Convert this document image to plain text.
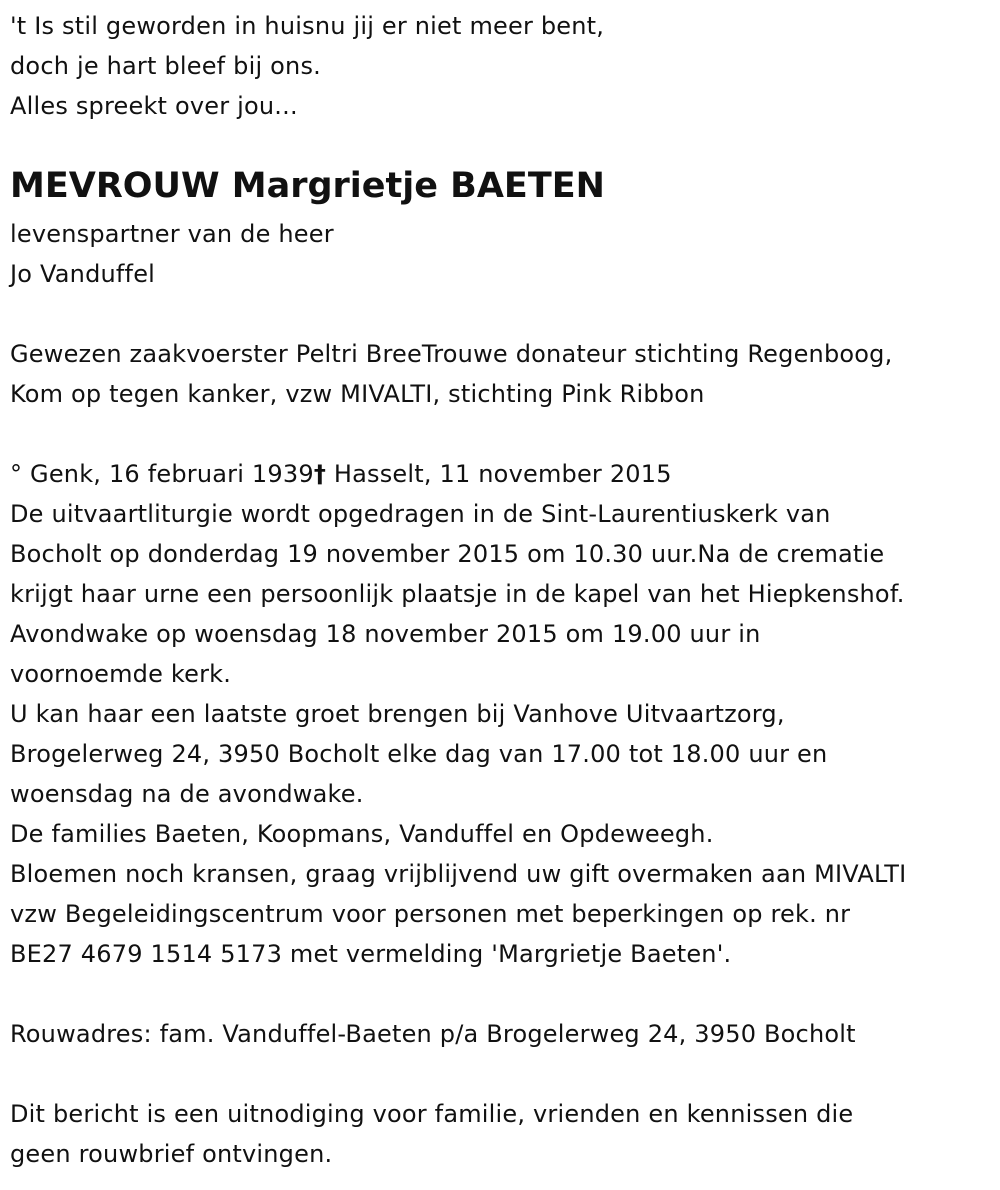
't Is stil geworden in huisnu jij er niet meer bent,
doch je hart bleef bij ons.
Alles spreekt over jou...
MEVROUW Margrietje BAETEN
levenspartner van de heer
Jo Vanduffel
Gewezen zaakvoerster Peltri BreeTrouwe donateur stichting Regenboog,
Kom op tegen kanker, vzw MIVALTI, stichting Pink Ribbon
° Genk, 16 februari 1939† Hasselt, 11 november 2015
De uitvaartliturgie wordt opgedragen in de Sint-Laurentiuskerk van
Bocholt op donderdag 19 november 2015 om 10.30 uur.Na de crematie
krijgt haar urne een persoonlijk plaatsje in de kapel van het Hiepkenshof.
Avondwake op woensdag 18 november 2015 om 19.00 uur in
voornoemde kerk.
U kan haar een laatste groet brengen bij Vanhove Uitvaartzorg,
Brogelerweg 24, 3950 Bocholt elke dag van 17.00 tot 18.00 uur en
woensdag na de avondwake.
De families Baeten, Koopmans, Vanduffel en Opdeweegh.
Bloemen noch kransen, graag vrijblijvend uw gift overmaken aan MIVALTI
vzw Begeleidingscentrum voor personen met beperkingen op rek. nr
BE27 4679 1514 5173 met vermelding 'Margrietje Baeten'.
Rouwadres: fam. Vanduffel-Baeten p/a Brogelerweg 24, 3950 Bocholt
Dit bericht is een uitnodiging voor familie, vrienden en kennissen die
geen rouwbrief ontvingen.
